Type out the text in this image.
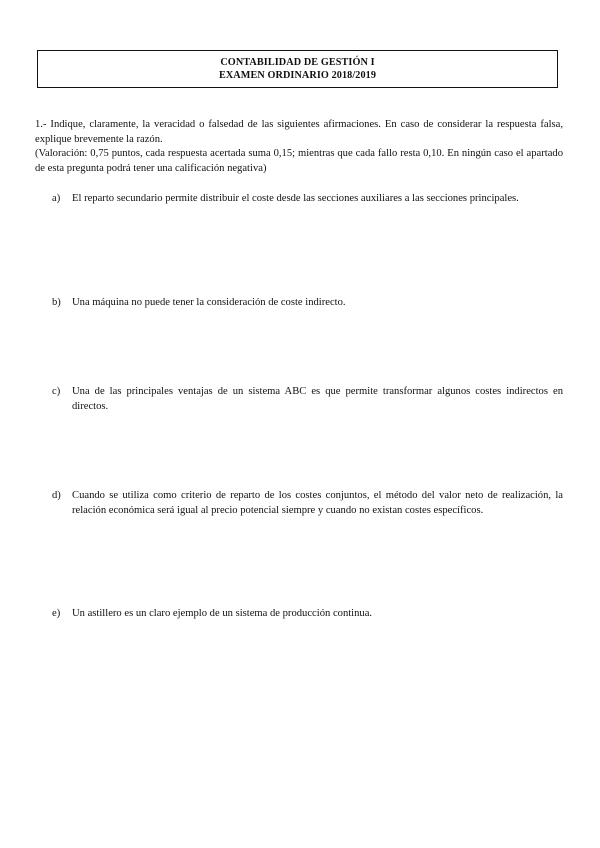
CONTABILIDAD DE GESTIÓN I
EXAMEN ORDINARIO 2018/2019

1.- Indique, claramente, la veracidad o falsedad de las siguientes afirmaciones. En caso de considerar la respuesta falsa, explique brevemente la razón.

(Valoración: 0,75 puntos, cada respuesta acertada suma 0,15; mientras que cada fallo resta 0,10. En ningún caso el apartado de esta pregunta podrá tener una calificación negativa)

a)	El reparto secundario permite distribuir el coste desde las secciones auxiliares a las secciones principales.
b)	Una máquina no puede tener la consideración de coste indirecto.
c)	Una de las principales ventajas de un sistema ABC es que permite transformar algunos costes indirectos en directos.
d)	Cuando se utiliza como criterio de reparto de los costes conjuntos, el método del valor neto de realización, la relación económica será igual al precio potencial siempre y cuando no existan costes específicos.
e)	Un astillero es un claro ejemplo de un sistema de producción continua.
